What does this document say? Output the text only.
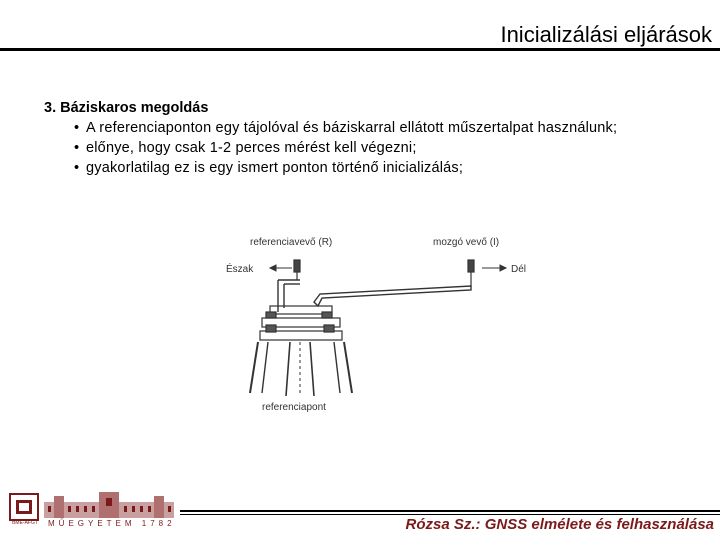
Inicializálási eljárások
3. Báziskaros megoldás
• A referenciaponton egy tájolóval és báziskarral ellátott műszertalpat használunk;
• előnye, hogy csak 1-2 perces mérést kell végezni;
• gyakorlatilag ez is egy ismert ponton történő inicializálás;
referenciavevő (R)	mozgó vevő (I)
Észak	Dél
referenciapont
BME-ÁFGT	MŰEGYETEM 1782	Rózsa Sz.: GNSS elmélete és felhasználása
